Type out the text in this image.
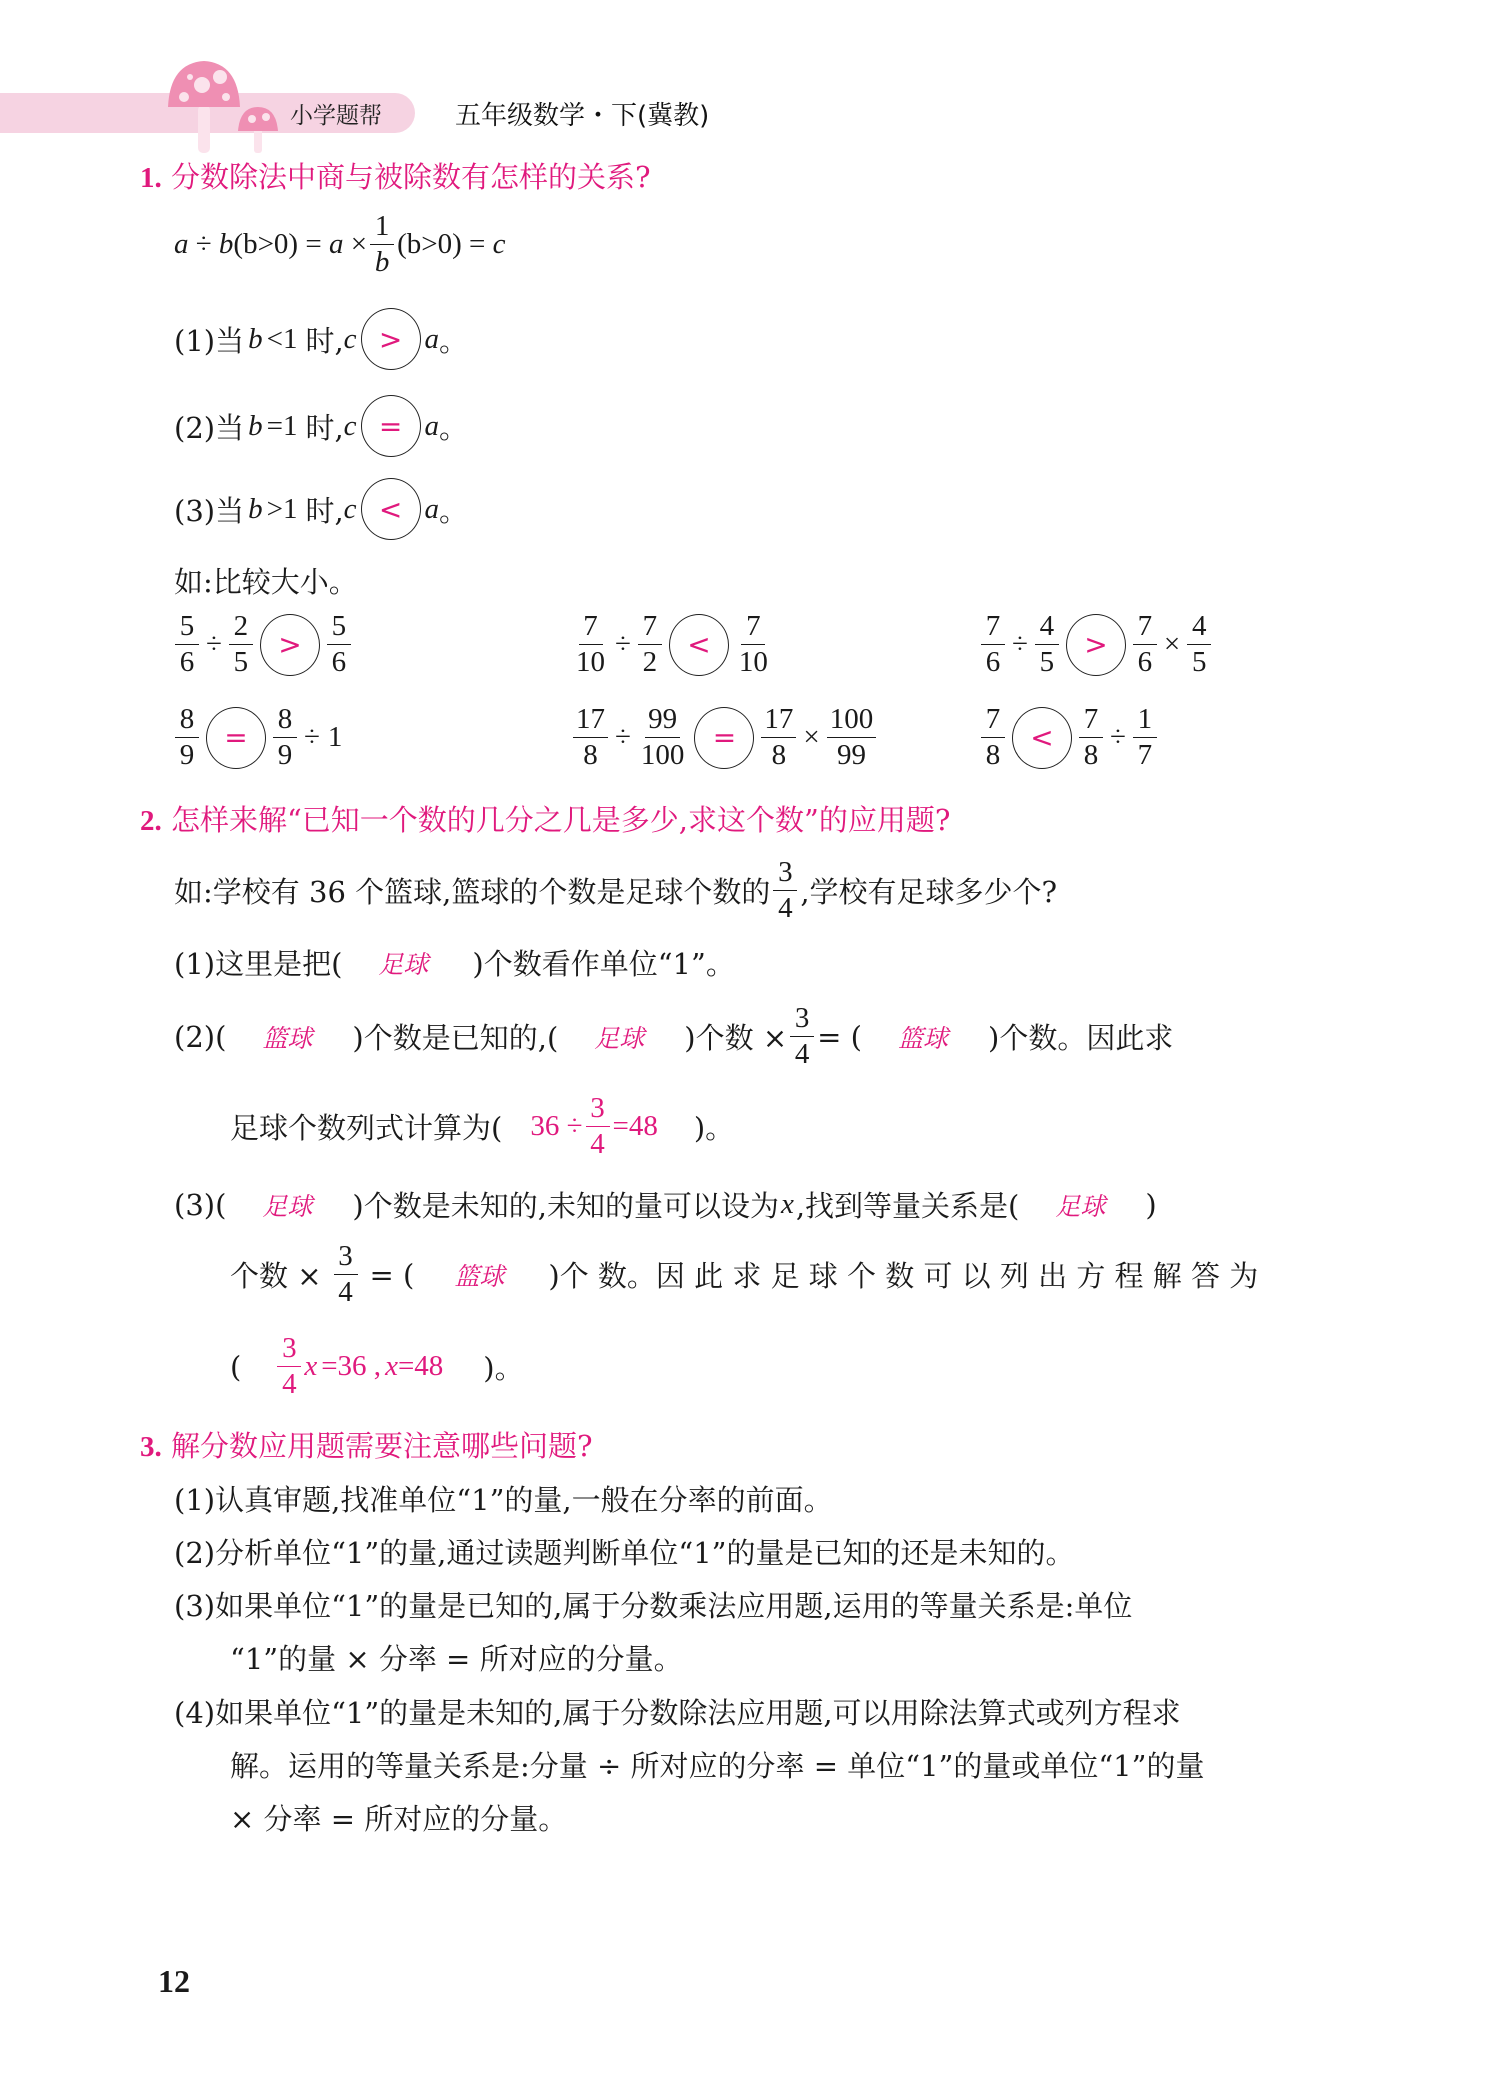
小学题帮	五年级数学・下(冀教)
1. 分数除法中商与被除数有怎样的关系?
a
÷
b (b>0)
=
a
× $\frac{1}{b} (b>0)$
=
c
(1)当 b <1 时, c > a 。
(2)当 b =1 时, c = a 。
(3)当 b >1 时, c < a 。
如:比较大小。
$\frac{5}{6} \div \frac{2}{5} > \frac{5}{6}$	$\frac{7}{10} \div \frac{7}{2} < \frac{7}{10}$	$\frac{7}{6} \div \frac{4}{5} > \frac{7}{6} \times \frac{4}{5}$
$\frac{8}{9} = \frac{8}{9} \div 1$	$\frac{17}{8} \div \frac{99}{100} = \frac{17}{8} \times \frac{100}{99}$	$\frac{7}{8} < \frac{7}{8} \div \frac{1}{7}$
2. 怎样来解“已知一个数的几分之几是多少,求这个数”的应用题?
如:学校有 36 个篮球,篮球的个数是足球个数的 $\frac{3}{4}$ ,学校有足球多少个?
(1)这里是把( 足球 )个数看作单位“1”。
(2)( 篮球 )个数是已知的,( 足球 )个数 × $\frac{3}{4}$ = ( 篮球 )个数。因此求
足球个数列式计算为( $36 \div \frac{3}{4} =48$ )。
(3)( 足球 )个数是未知的,未知的量可以设为 x ,找到等量关系是( 足球 )
个数 × $\frac{3}{4}$ = ( 篮球 )个 数。因 此 求 足 球 个 数 可 以 列 出 方 程 解 答 为
( $\frac{3}{4}$ x =36 , x =48 )。
3. 解分数应用题需要注意哪些问题?
(1)认真审题,找准单位“1”的量,一般在分率的前面。
(2)分析单位“1”的量,通过读题判断单位“1”的量是已知的还是未知的。
(3)如果单位“1”的量是已知的,属于分数乘法应用题,运用的等量关系是:单位
“1”的量 × 分率 = 所对应的分量。
(4)如果单位“1”的量是未知的,属于分数除法应用题,可以用除法算式或列方程求
解。运用的等量关系是:分量 ÷ 所对应的分率 = 单位“1”的量或单位“1”的量
× 分率 = 所对应的分量。
12
